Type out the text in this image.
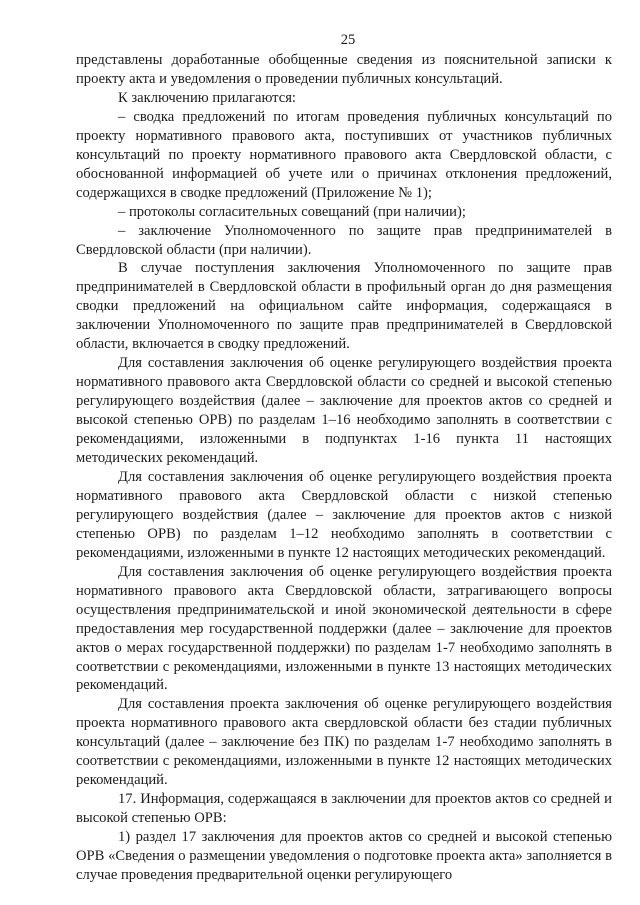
25

представлены доработанные обобщенные сведения из пояснительной записки к проекту акта и уведомления о проведении публичных консультаций.

К заключению прилагаются:

– сводка предложений по итогам проведения публичных консультаций по проекту нормативного правового акта, поступивших от участников публичных консультаций по проекту нормативного правового акта Свердловской области, с обоснованной информацией об учете или о причинах отклонения предложений, содержащихся в сводке предложений (Приложение № 1);

– протоколы согласительных совещаний (при наличии);

– заключение Уполномоченного по защите прав предпринимателей в Свердловской области (при наличии).

В случае поступления заключения Уполномоченного по защите прав предпринимателей в Свердловской области в профильный орган до дня размещения сводки предложений на официальном сайте информация, содержащаяся в заключении Уполномоченного по защите прав предпринимателей в Свердловской области, включается в сводку предложений.

Для составления заключения об оценке регулирующего воздействия проекта нормативного правового акта Свердловской области со средней и высокой степенью регулирующего воздействия (далее – заключение для проектов актов со средней и высокой степенью ОРВ) по разделам 1–16 необходимо заполнять в соответствии с рекомендациями, изложенными в подпунктах 1-16 пункта 11 настоящих методических рекомендаций.

Для составления заключения об оценке регулирующего воздействия проекта нормативного правового акта Свердловской области с низкой степенью регулирующего воздействия (далее – заключение для проектов актов с низкой степенью ОРВ) по разделам 1–12 необходимо заполнять в соответствии с рекомендациями, изложенными в пункте 12 настоящих методических рекомендаций.

Для составления заключения об оценке регулирующего воздействия проекта нормативного правового акта Свердловской области, затрагивающего вопросы осуществления предпринимательской и иной экономической деятельности в сфере предоставления мер государственной поддержки (далее – заключение для проектов актов о мерах государственной поддержки) по разделам 1-7 необходимо заполнять в соответствии с рекомендациями, изложенными в пункте 13 настоящих методических рекомендаций.

Для составления проекта заключения об оценке регулирующего воздействия проекта нормативного правового акта свердловской области без стадии публичных консультаций (далее – заключение без ПК) по разделам 1-7 необходимо заполнять в соответствии с рекомендациями, изложенными в пункте 12 настоящих методических рекомендаций.

17. Информация, содержащаяся в заключении для проектов актов со средней и высокой степенью ОРВ:

1) раздел 17 заключения для проектов актов со средней и высокой степенью ОРВ «Сведения о размещении уведомления о подготовке проекта акта» заполняется в случае проведения предварительной оценки регулирующего
